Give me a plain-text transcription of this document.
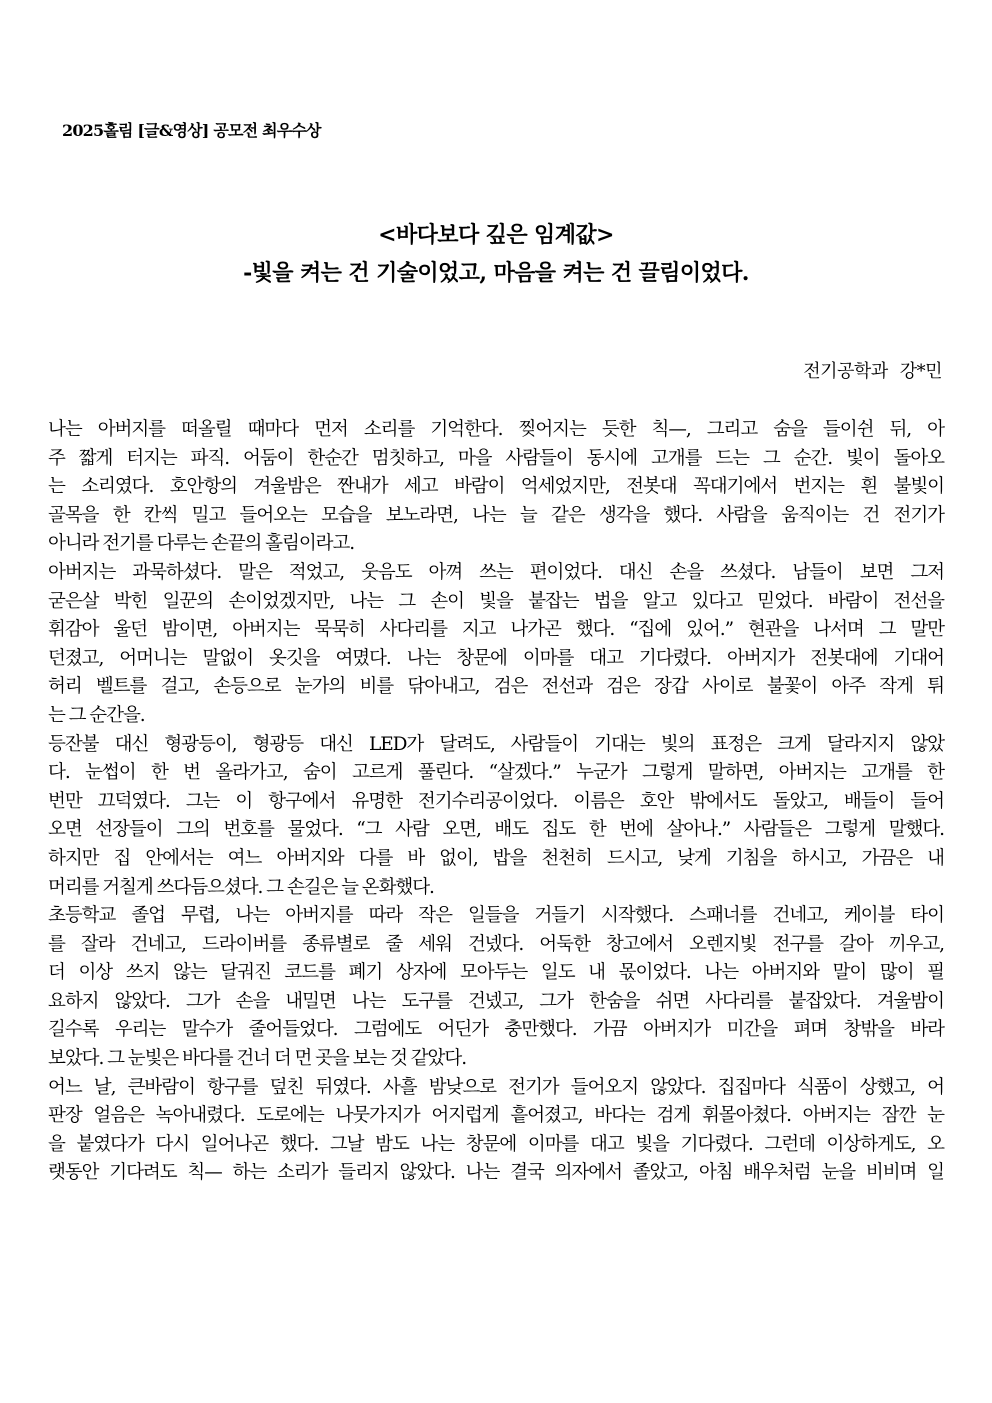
2025홀림 [글&영상] 공모전 최우수상
<바다보다 깊은 임계값>
-빛을 켜는 건 기술이었고, 마음을 켜는 건 끌림이었다.
전기공학과 강*민
나는 아버지를 떠올릴 때마다 먼저 소리를 기억한다. 찢어지는 듯한 칙—, 그리고 숨을 들이쉰 뒤, 아
주 짧게 터지는 파직. 어둠이 한순간 멈칫하고, 마을 사람들이 동시에 고개를 드는 그 순간. 빛이 돌아오
는 소리였다. 호안항의 겨울밤은 짠내가 세고 바람이 억세었지만, 전봇대 꼭대기에서 번지는 흰 불빛이
골목을 한 칸씩 밀고 들어오는 모습을 보노라면, 나는 늘 같은 생각을 했다. 사람을 움직이는 건 전기가
아니라 전기를 다루는 손끝의 홀림이라고.
아버지는 과묵하셨다. 말은 적었고, 웃음도 아껴 쓰는 편이었다. 대신 손을 쓰셨다. 남들이 보면 그저
굳은살 박힌 일꾼의 손이었겠지만, 나는 그 손이 빛을 붙잡는 법을 알고 있다고 믿었다. 바람이 전선을
휘감아 울던 밤이면, 아버지는 묵묵히 사다리를 지고 나가곤 했다. “집에 있어.” 현관을 나서며 그 말만
던졌고, 어머니는 말없이 옷깃을 여몄다. 나는 창문에 이마를 대고 기다렸다. 아버지가 전봇대에 기대어
허리 벨트를 걸고, 손등으로 눈가의 비를 닦아내고, 검은 전선과 검은 장갑 사이로 불꽃이 아주 작게 튀
는 그 순간을.
등잔불 대신 형광등이, 형광등 대신 LED가 달려도, 사람들이 기대는 빛의 표정은 크게 달라지지 않았
다. 눈썹이 한 번 올라가고, 숨이 고르게 풀린다. “살겠다.” 누군가 그렇게 말하면, 아버지는 고개를 한
번만 끄덕였다. 그는 이 항구에서 유명한 전기수리공이었다. 이름은 호안 밖에서도 돌았고, 배들이 들어
오면 선장들이 그의 번호를 물었다. “그 사람 오면, 배도 집도 한 번에 살아나.” 사람들은 그렇게 말했다.
하지만 집 안에서는 여느 아버지와 다를 바 없이, 밥을 천천히 드시고, 낮게 기침을 하시고, 가끔은 내
머리를 거칠게 쓰다듬으셨다. 그 손길은 늘 온화했다.
초등학교 졸업 무렵, 나는 아버지를 따라 작은 일들을 거들기 시작했다. 스패너를 건네고, 케이블 타이
를 잘라 건네고, 드라이버를 종류별로 줄 세워 건넸다. 어둑한 창고에서 오렌지빛 전구를 갈아 끼우고,
더 이상 쓰지 않는 달궈진 코드를 폐기 상자에 모아두는 일도 내 몫이었다. 나는 아버지와 말이 많이 필
요하지 않았다. 그가 손을 내밀면 나는 도구를 건넸고, 그가 한숨을 쉬면 사다리를 붙잡았다. 겨울밤이
길수록 우리는 말수가 줄어들었다. 그럼에도 어딘가 충만했다. 가끔 아버지가 미간을 펴며 창밖을 바라
보았다. 그 눈빛은 바다를 건너 더 먼 곳을 보는 것 같았다.
어느 날, 큰바람이 항구를 덮친 뒤였다. 사흘 밤낮으로 전기가 들어오지 않았다. 집집마다 식품이 상했고, 어
판장 얼음은 녹아내렸다. 도로에는 나뭇가지가 어지럽게 흩어졌고, 바다는 검게 휘몰아쳤다. 아버지는 잠깐 눈
을 붙였다가 다시 일어나곤 했다. 그날 밤도 나는 창문에 이마를 대고 빛을 기다렸다. 그런데 이상하게도, 오
랫동안 기다려도 칙— 하는 소리가 들리지 않았다. 나는 결국 의자에서 졸았고, 아침 배우처럼 눈을 비비며 일
